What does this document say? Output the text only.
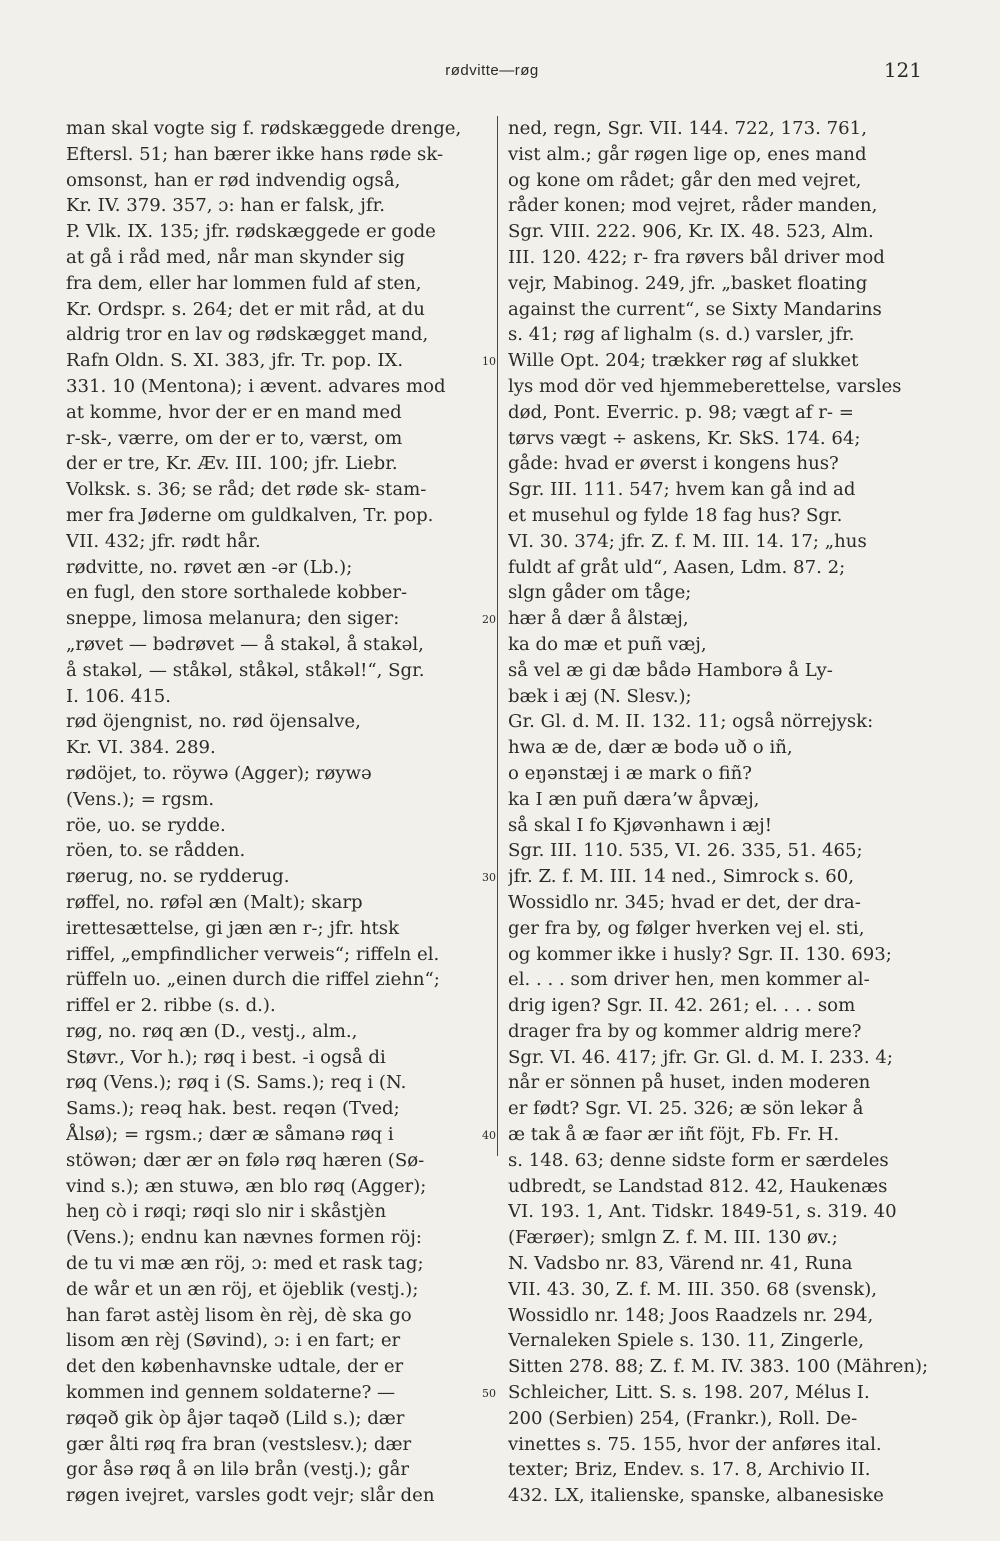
rødvitte—røg	121
man skal vogte sig f. rødskæggede drenge,
Eftersl. 51; han bærer ikke hans røde sk-
omsonst, han er rød indvendig også,
Kr. IV. 379. 357, ɔ: han er falsk, jfr.
P. Vlk. IX. 135; jfr. rødskæggede er gode
at gå i råd med, når man skynder sig
fra dem, eller har lommen fuld af sten,
Kr. Ordspr. s. 264; det er mit råd, at du
aldrig tror en lav og rødskægget mand,
Rafn Oldn. S. XI. 383, jfr. Tr. pop. IX.
331. 10 (Mentona); i ævent. advares mod
at komme, hvor der er en mand med
r-sk-, værre, om der er to, værst, om
der er tre, Kr. Æv. III. 100; jfr. Liebr.
Volksk. s. 36; se råd; det røde sk- stam-
mer fra Jøderne om guldkalven, Tr. pop.
VII. 432; jfr. rødt hår.
rødvitte, no. røvet æn -ər (Lb.);
en fugl, den store sorthalede kobber-
sneppe, limosa melanura; den siger:
„røvet — bədrøvet — å stakəl, å stakəl,
å stakəl, — ståkəl, ståkəl, ståkəl!“, Sgr.
I. 106. 415.
rød öjengnist, no. rød öjensalve,
Kr. VI. 384. 289.
rødöjet, to. röywə (Agger); røywə
(Vens.); = rgsm.
röe, uo. se rydde.
röen, to. se rådden.
røerug, no. se rydderug.
røffel, no. røfəl æn (Malt); skarp
irettesættelse, gi jæn æn r-; jfr. htsk
riffel, „empfindlicher verweis“; riffeln el.
rüffeln uo. „einen durch die riffel ziehn“;
riffel er 2. ribbe (s. d.).
røg, no. røq æn (D., vestj., alm.,
Støvr., Vor h.); røq i best. -i også di
røq (Vens.); røq i (S. Sams.); req i (N.
Sams.); reəq hak. best. reqən (Tved;
Ålsø); = rgsm.; dær æ såmanə røq i
stöwən; dær ær ən følə røq hæren (Sø-
vind s.); æn stuwə, æn blo røq (Agger);
heŋ cò i røqi; røqi slo nir i skåstjèn
(Vens.); endnu kan nævnes formen röj:
de tu vi mæ æn röj, ɔ: med et rask tag;
de wår et un æn röj, et öjeblik (vestj.);
han farət astèj lisom èn rèj, dè ska go
lisom æn rèj (Søvind), ɔ: i en fart; er
det den københavnske udtale, der er
kommen ind gennem soldaterne? —
røqəð gik òp åjər taqəð (Lild s.); dær
gær ålti røq fra bran (vestslesv.); dær
gor åsə røq å ən lilə brån (vestj.); går
røgen ivejret, varsles godt vejr; slår den
ned, regn, Sgr. VII. 144. 722, 173. 761,
vist alm.; går røgen lige op, enes mand
og kone om rådet; går den med vejret,
råder konen; mod vejret, råder manden,
Sgr. VIII. 222. 906, Kr. IX. 48. 523, Alm.
III. 120. 422; r- fra røvers bål driver mod
vejr, Mabinog. 249, jfr. „basket floating
against the current“, se Sixty Mandarins
s. 41; røg af lighalm (s. d.) varsler, jfr.
Wille Opt. 204; trækker røg af slukket
lys mod dör ved hjemmeberettelse, varsles
død, Pont. Everric. p. 98; vægt af r- =
tørvs vægt ÷ askens, Kr. SkS. 174. 64;
gåde: hvad er øverst i kongens hus?
Sgr. III. 111. 547; hvem kan gå ind ad
et musehul og fylde 18 fag hus? Sgr.
VI. 30. 374; jfr. Z. f. M. III. 14. 17; „hus
fuldt af gråt uld“, Aasen, Ldm. 87. 2;
slgn gåder om tåge;
hær å dær å ålstæj,
ka do mæ et puñ væj,
så vel æ gi dæ bådə Hamborə å Ly-
bæk i æj (N. Slesv.);
Gr. Gl. d. M. II. 132. 11; også nörrejysk:
hwa æ de, dær æ bodə uð o iñ,
o eŋənstæj i æ mark o fiñ?
ka I æn puñ dæraʼw åpvæj,
så skal I fo Kjøvənhawn i æj!
Sgr. III. 110. 535, VI. 26. 335, 51. 465;
jfr. Z. f. M. III. 14 ned., Simrock s. 60,
Wossidlo nr. 345; hvad er det, der dra-
ger fra by, og følger hverken vej el. sti,
og kommer ikke i husly? Sgr. II. 130. 693;
el. . . . som driver hen, men kommer al-
drig igen? Sgr. II. 42. 261; el. . . . som
drager fra by og kommer aldrig mere?
Sgr. VI. 46. 417; jfr. Gr. Gl. d. M. I. 233. 4;
når er sönnen på huset, inden moderen
er født? Sgr. VI. 25. 326; æ sön lekər å
æ tak å æ faər ær iñt föjt, Fb. Fr. H.
s. 148. 63; denne sidste form er særdeles
udbredt, se Landstad 812. 42, Haukenæs
VI. 193. 1, Ant. Tidskr. 1849-51, s. 319. 40
(Færøer); smlgn Z. f. M. III. 130 øv.;
N. Vadsbo nr. 83, Värend nr. 41, Runa
VII. 43. 30, Z. f. M. III. 350. 68 (svensk),
Wossidlo nr. 148; Joos Raadzels nr. 294,
Vernaleken Spiele s. 130. 11, Zingerle,
Sitten 278. 88; Z. f. M. IV. 383. 100 (Mähren);
Schleicher, Litt. S. s. 198. 207, Mélus I.
200 (Serbien) 254, (Frankr.), Roll. De-
vinettes s. 75. 155, hvor der anføres ital.
texter; Briz, Endev. s. 17. 8, Archivio II.
432. LX, italienske, spanske, albanesiske
10
20
30
40
50
